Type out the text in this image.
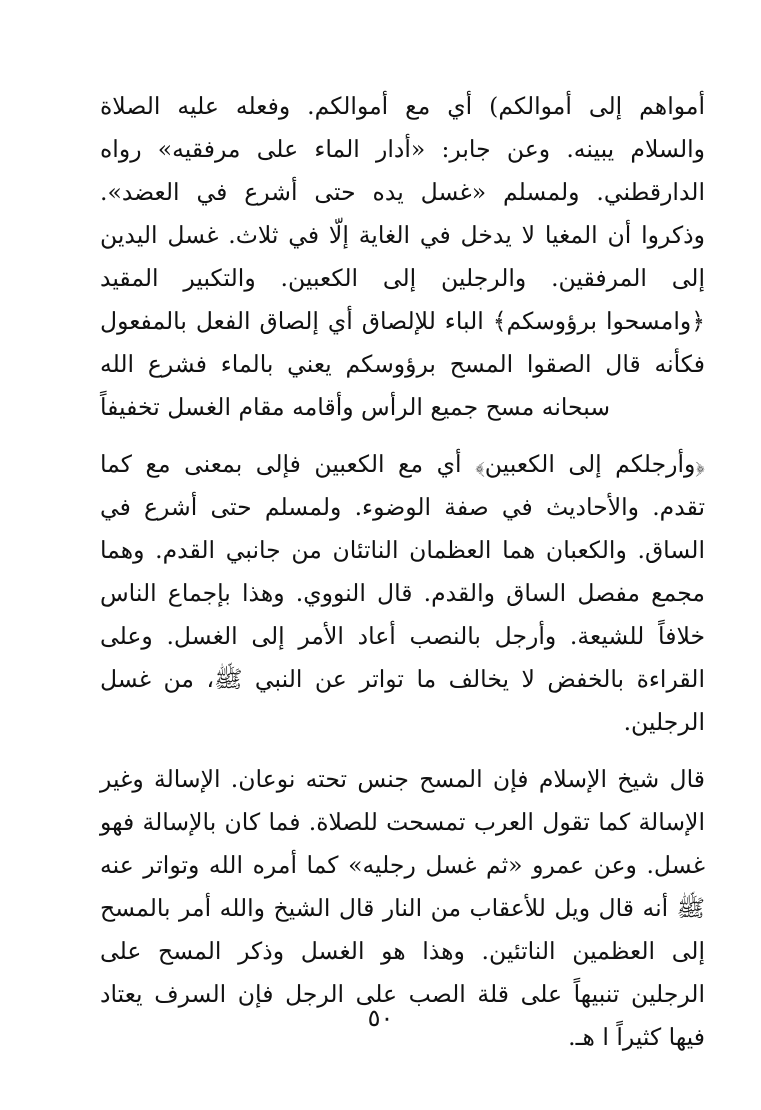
أمواهم إلى أموالكم) أي مع أموالكم. وفعله عليه الصلاة والسلام يبينه. وعن جابر: «أدار الماء على مرفقيه» رواه الدارقطني. ولمسلم «غسل يده حتى أشرع في العضد». وذكروا أن المغيا لا يدخل في الغاية إلّا في ثلاث. غسل اليدين إلى المرفقين. والرجلين إلى الكعبين. والتكبير المقيد ﴿وامسحوا برؤوسكم﴾ الباء للإلصاق أي إلصاق الفعل بالمفعول فكأنه قال الصقوا المسح برؤوسكم يعني بالماء فشرع الله سبحانه مسح جميع الرأس وأقامه مقام الغسل تخفيفاً

﴿وأرجلكم إلى الكعبين﴾ أي مع الكعبين فإلى بمعنى مع كما تقدم. والأحاديث في صفة الوضوء. ولمسلم حتى أشرع في الساق. والكعبان هما العظمان الناتئان من جانبي القدم. وهما مجمع مفصل الساق والقدم. قال النووي. وهذا بإجماع الناس خلافاً للشيعة. وأرجل بالنصب أعاد الأمر إلى الغسل. وعلى القراءة بالخفض لا يخالف ما تواتر عن النبي ﷺ، من غسل الرجلين.

قال شيخ الإسلام فإن المسح جنس تحته نوعان. الإسالة وغير الإسالة كما تقول العرب تمسحت للصلاة. فما كان بالإسالة فهو غسل. وعن عمرو «ثم غسل رجليه» كما أمره الله وتواتر عنه ﷺ أنه قال ويل للأعقاب من النار قال الشيخ والله أمر بالمسح إلى العظمين الناتئين. وهذا هو الغسل وذكر المسح على الرجلين تنبيهاً على قلة الصب على الرجل فإن السرف يعتاد فيها كثيراً ا هـ.

٥٠
